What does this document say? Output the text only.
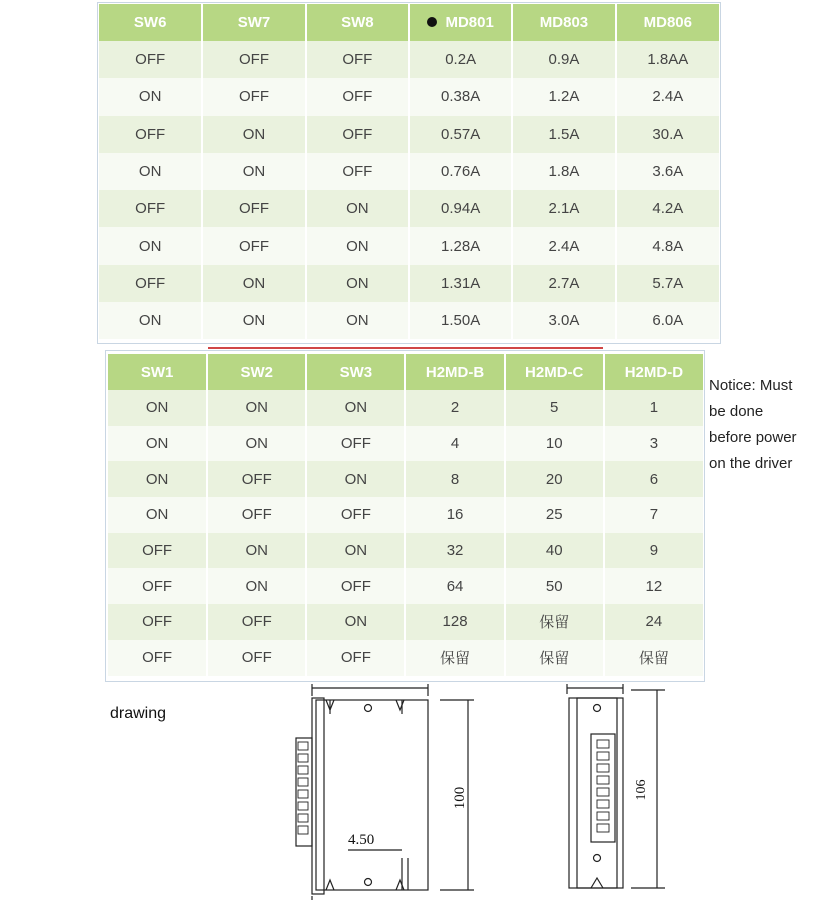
SW6	SW7	SW8	MD801	MD803	MD806
OFF	OFF	OFF	0.2A	0.9A	1.8AA
ON	OFF	OFF	0.38A	1.2A	2.4A
OFF	ON	OFF	0.57A	1.5A	30.A
ON	ON	OFF	0.76A	1.8A	3.6A
OFF	OFF	ON	0.94A	2.1A	4.2A
ON	OFF	ON	1.28A	2.4A	4.8A
OFF	ON	ON	1.31A	2.7A	5.7A
ON	ON	ON	1.50A	3.0A	6.0A
SW1	SW2	SW3	H2MD-B	H2MD-C	H2MD-D
ON	ON	ON	2	5	1
ON	ON	OFF	4	10	3
ON	OFF	ON	8	20	6
ON	OFF	OFF	16	25	7
OFF	ON	ON	32	40	9
OFF	ON	OFF	64	50	12
OFF	OFF	ON	128	保留	24
OFF	OFF	OFF	保留	保留	保留
Notice: Must
be done
before power
on the driver
drawing
100
4.50
106
